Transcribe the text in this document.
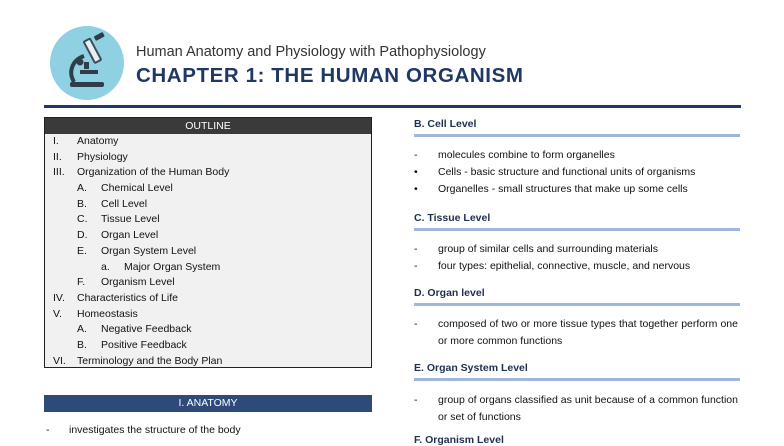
Human Anatomy and Physiology with Pathophysiology
CHAPTER 1: THE HUMAN ORGANISM
OUTLINE
I. Anatomy
II. Physiology
III. Organization of the Human Body
A. Chemical Level
B. Cell Level
C. Tissue Level
D. Organ Level
E. Organ System Level
a. Major Organ System
F. Organism Level
IV. Characteristics of Life
V. Homeostasis
A. Negative Feedback
B. Positive Feedback
VI. Terminology and the Body Plan
I. ANATOMY
- investigates the structure of the body
B. Cell Level
-	molecules combine to form organelles
•	Cells - basic structure and functional units of organisms
•	Organelles - small structures that make up some cells
C. Tissue Level
-	group of similar cells and surrounding materials
-	four types: epithelial, connective, muscle, and nervous
D. Organ level
-	composed of two or more tissue types that together perform one or more common functions
E. Organ System Level
-	group of organs classified as unit because of a common function or set of functions
F. Organism Level
